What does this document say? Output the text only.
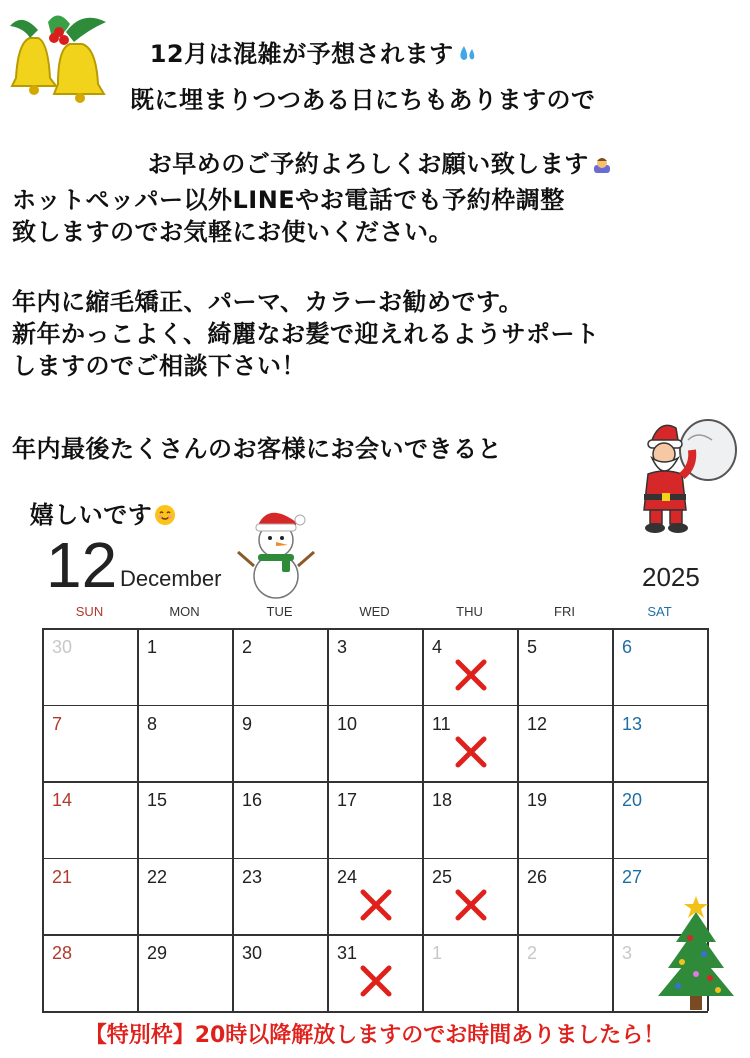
12月は混雑が予想されます

既に埋まりつつある日にちもありますので

お早めのご予約よろしくお願い致します

ホットペッパー以外LINEやお電話でも予約枠調整
致しますのでお気軽にお使いください。
年内に縮毛矯正、パーマ、カラーお勧めです。
新年かっこよく、綺麗なお髪で迎えれるようサポート
しますのでご相談下さい！
年内最後たくさんのお客様にお会いできると

嬉しいです

12 December	2025
SUN	MON	TUE	WED	THU	FRI	SAT
30	1	2	3	4	5	6
7	8	9	10	11	12	13
14	15	16	17	18	19	20
21	22	23	24	25	26	27
28	29	30	31	1	2	3
【特別枠】20時以降解放しますのでお時間ありましたら！
